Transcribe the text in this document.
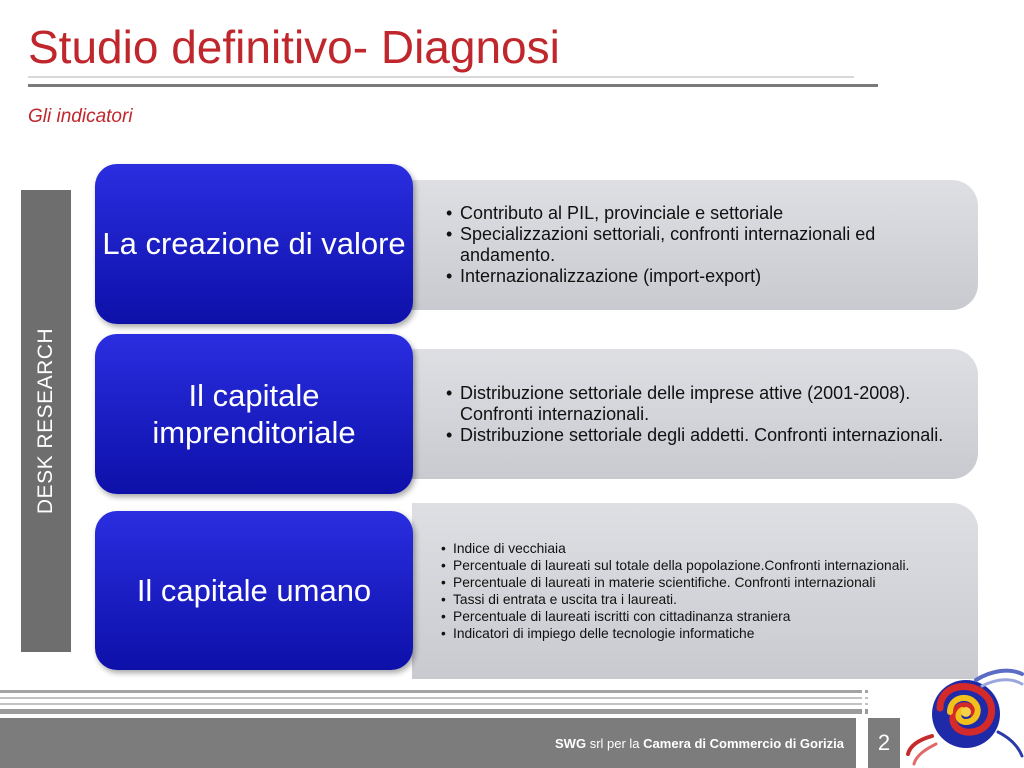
Studio definitivo- Diagnosi
Gli indicatori
DESK RESEARCH
• Contributo al PIL, provinciale e settoriale
• Specializzazioni settoriali, confronti internazionali ed andamento.
• Internazionalizzazione (import-export)
La creazione di valore
• Distribuzione settoriale delle imprese attive (2001-2008). Confronti internazionali.
• Distribuzione settoriale degli addetti. Confronti internazionali.
Il capitale imprenditoriale
• Indice di vecchiaia
• Percentuale di laureati sul totale della popolazione.Confronti internazionali.
• Percentuale di laureati in materie scientifiche. Confronti internazionali
• Tassi di entrata e uscita tra i laureati.
• Percentuale di laureati iscritti con cittadinanza straniera
• Indicatori di impiego delle tecnologie informatiche
Il capitale umano
SWG srl per la Camera di Commercio di Gorizia	2
